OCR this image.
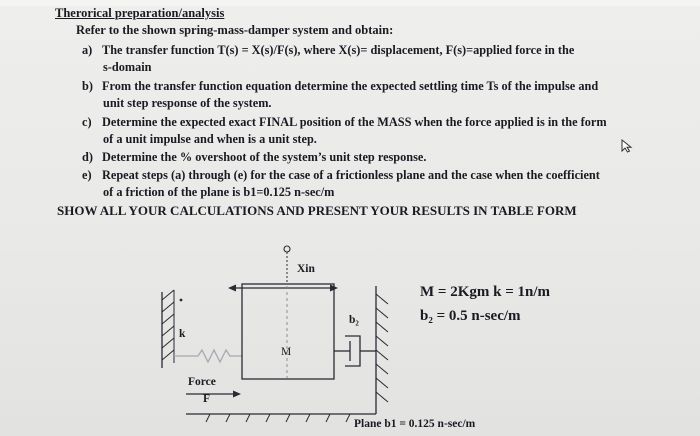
Therorical preparation/analysis
Refer to the shown spring-mass-damper system and obtain:
a) The transfer function T(s) = X(s)/F(s), where X(s)= displacement, F(s)=applied force in the
s-domain
b) From the transfer function equation determine the expected settling time Ts of the impulse and
unit step response of the system.
c) Determine the expected exact FINAL position of the MASS when the force applied is in the form
of a unit impulse and when is a unit step.
d) Determine the % overshoot of the system’s unit step response.
e) Repeat steps (a) through (e) for the case of a frictionless plane and the case when the coefficient
of a friction of the plane is b1=0.125 n-sec/m
SHOW ALL YOUR CALCULATIONS AND PRESENT YOUR RESULTS IN TABLE FORM
Xin
k
M
b₂
Force
F
M = 2Kgm k = 1n/m
b₂ = 0.5 n-sec/m
Plane b1 = 0.125 n-sec/m
